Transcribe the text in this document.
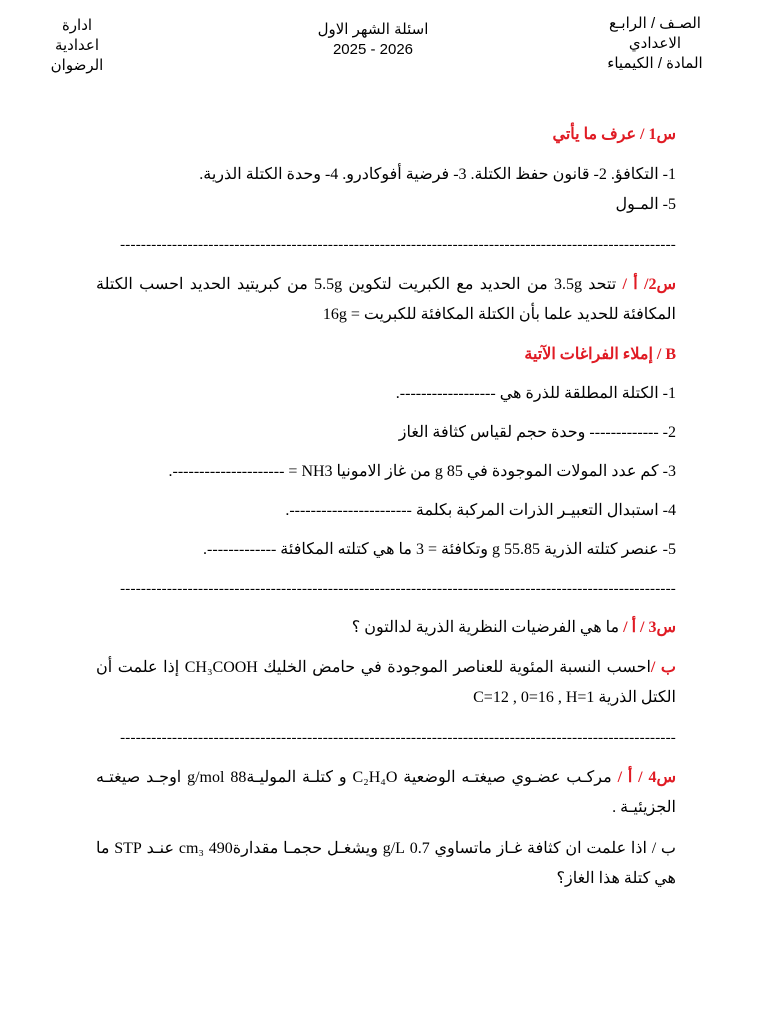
الصـف / الرابـع
الاعدادي
المادة / الكيمياء
اسئلة الشهر الاول
2025 - 2026
ادارة
اعدادية
الرضوان

س1 / عرف ما يأتي

1- التكافؤ. 2- قانون حفظ الكتلة. 3- فرضية أفوكادرو. 4- وحدة الكتلة الذرية.
5- المـول

-----------------------------------------------------------------------------------------------------------

س2/ أ / تتحد 3.5g من الحديد مع الكبريت لتكوين 5.5g من كبريتيد الحديد احسب الكتلة المكافئة للحديد علما بأن الكتلة المكافئة للكبريت = 16g

B / إملاء الفراغات الآتية

1- الكتلة المطلقة للذرة هي ------------------.

2- ------------- وحدة حجم لقياس كثافة الغاز

3- كم عدد المولات الموجودة في 85 g من غاز الامونيا NH3 = ---------------------.

4- استبدال التعبيـر الذرات المركبة بكلمة -----------------------.

5- عنصر كتلته الذرية 55.85 g وتكافئة = 3 ما هي كتلته المكافئة -------------.

-----------------------------------------------------------------------------------------------------------

س3 / أ / ما هي الفرضيات النظرية الذرية لدالتون ؟

ب /احسب النسبة المئوية للعناصر الموجودة في حامض الخليك CH₃COOH إذا علمت أن الكتل الذرية C=12 , 0=16 , H=1

-----------------------------------------------------------------------------------------------------------

س4 / أ / مركـب عضـوي صيغتـه الوضعية C₂H₄O و كتلـة الموليـة88 g/mol اوجـد صيغتـه الجزيئيـة .

ب / اذا علمت ان كثافة غـاز ماتساوي 0.7 g/L ويشغـل حجمـا مقدارة490 cm₃ عنـد STP ما هي كتلة هذا الغاز؟
